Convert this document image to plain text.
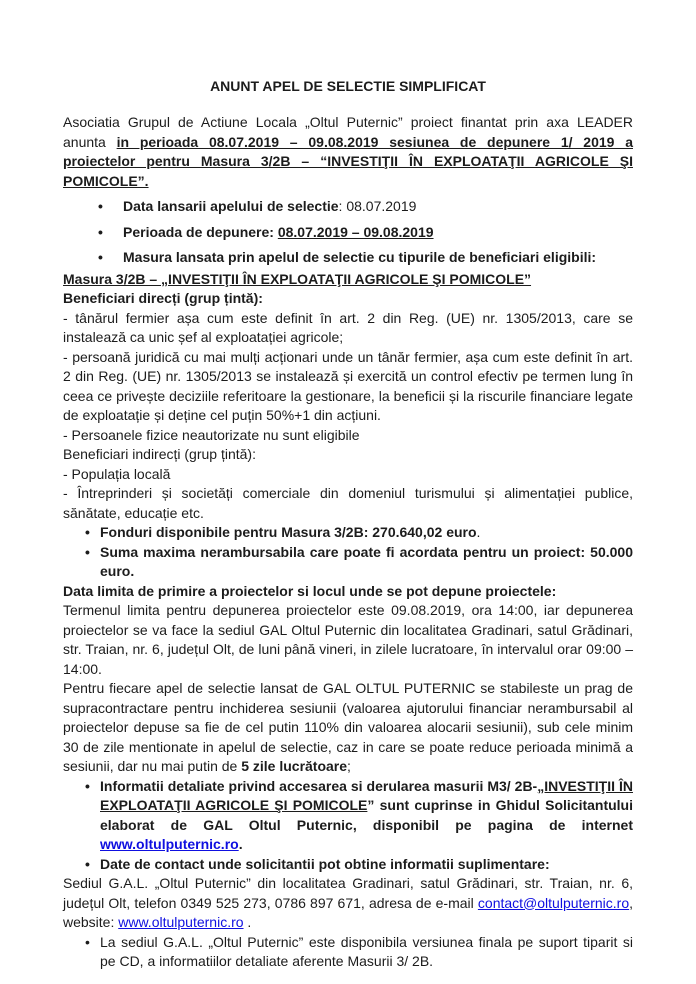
ANUNT APEL DE SELECTIE SIMPLIFICAT

Asociatia Grupul de Actiune Locala „Oltul Puternic” proiect finantat prin axa LEADER anunta in perioada 08.07.2019 – 09.08.2019 sesiunea de depunere 1/ 2019 a proiectelor pentru Masura 3/2B – “INVESTIŢII ÎN EXPLOATAŢII AGRICOLE ŞI POMICOLE”.

•	Data lansarii apelului de selectie: 08.07.2019

•	Perioada de depunere: 08.07.2019 – 09.08.2019

•	Masura lansata prin apelul de selectie cu tipurile de beneficiari eligibili:

Masura 3/2B – „INVESTIŢII ÎN EXPLOATAŢII AGRICOLE ŞI POMICOLE”

Beneficiari direcți (grup țintă):

- tânărul fermier așa cum este definit în art. 2 din Reg. (UE) nr. 1305/2013, care se instalează ca unic șef al exploatației agricole;

- persoană juridică cu mai mulți acționari unde un tânăr fermier, așa cum este definit în art. 2 din Reg. (UE) nr. 1305/2013 se instalează și exercită un control efectiv pe termen lung în ceea ce privește deciziile referitoare la gestionare, la beneficii și la riscurile financiare legate de exploatație și deține cel puțin 50%+1 din acțiuni.

- Persoanele fizice neautorizate nu sunt eligibile

Beneficiari indirecți (grup țintă):

- Populația locală

- Întreprinderi și societăți comerciale din domeniul turismului și alimentației publice, sănătate, educație etc.

• Fonduri disponibile pentru Masura 3/2B: 270.640,02 euro.

• Suma maxima nerambursabila care poate fi acordata pentru un proiect: 50.000 euro.

Data limita de primire a proiectelor si locul unde se pot depune proiectele:

Termenul limita pentru depunerea proiectelor este 09.08.2019, ora 14:00, iar depunerea proiectelor se va face la sediul GAL Oltul Puternic din localitatea Gradinari, satul Grădinari, str. Traian, nr. 6, județul Olt, de luni până vineri, in zilele lucratoare, în intervalul orar 09:00 – 14:00.

Pentru fiecare apel de selectie lansat de GAL OLTUL PUTERNIC se stabileste un prag de supracontractare pentru inchiderea sesiunii (valoarea ajutorului financiar nerambursabil al proiectelor depuse sa fie de cel putin 110% din valoarea alocarii sesiunii), sub cele minim 30 de zile mentionate in apelul de selectie, caz in care se poate reduce perioada minimă a sesiunii, dar nu mai putin de 5 zile lucrătoare;

• Informatii detaliate privind accesarea si derularea masurii M3/ 2B-„INVESTIŢII ÎN EXPLOATAŢII AGRICOLE ŞI POMICOLE” sunt cuprinse in Ghidul Solicitantului elaborat de GAL Oltul Puternic, disponibil pe pagina de internet www.oltulputernic.ro.

• Date de contact unde solicitantii pot obtine informatii suplimentare:

Sediul G.A.L. „Oltul Puternic” din localitatea Gradinari, satul Grădinari, str. Traian, nr. 6, județul Olt, telefon 0349 525 273, 0786 897 671, adresa de e-mail contact@oltulputernic.ro, website: www.oltulputernic.ro .

• La sediul G.A.L. „Oltul Puternic” este disponibila versiunea finala pe suport tiparit si pe CD, a informatiilor detaliate aferente Masurii 3/ 2B.
